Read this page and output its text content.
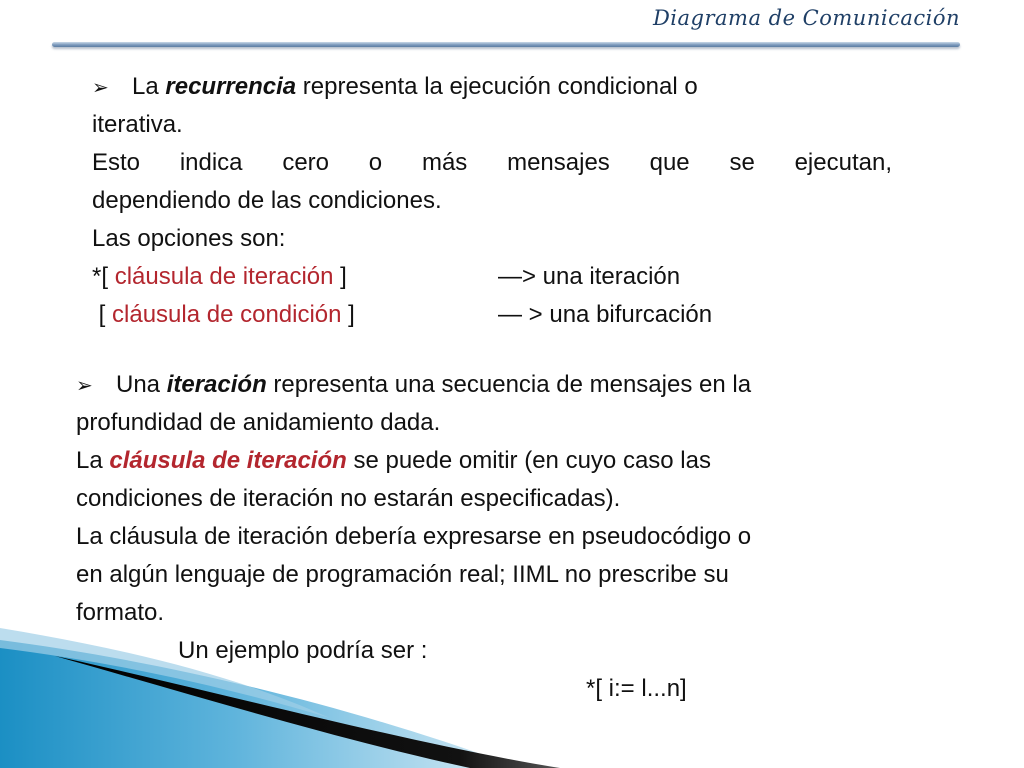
Diagrama de Comunicación

➢ La recurrencia representa la ejecución condicional o

iterativa.

Esto indica cero o más mensajes que se ejecutan,

dependiendo de las condiciones.

Las opciones son:

*[ cláusula de iteración ]	—> una iteración
[ cláusula de condición ]	— > una bifurcación

➢ Una iteración representa una secuencia de mensajes en la

profundidad de anidamiento dada.

La cláusula de iteración se puede omitir (en cuyo caso las

condiciones de iteración no estarán especificadas).

La cláusula de iteración debería expresarse en pseudocódigo o

en algún lenguaje de programación real; IIML no prescribe su

formato.

Un ejemplo podría ser :

*[ i:= l...n]
